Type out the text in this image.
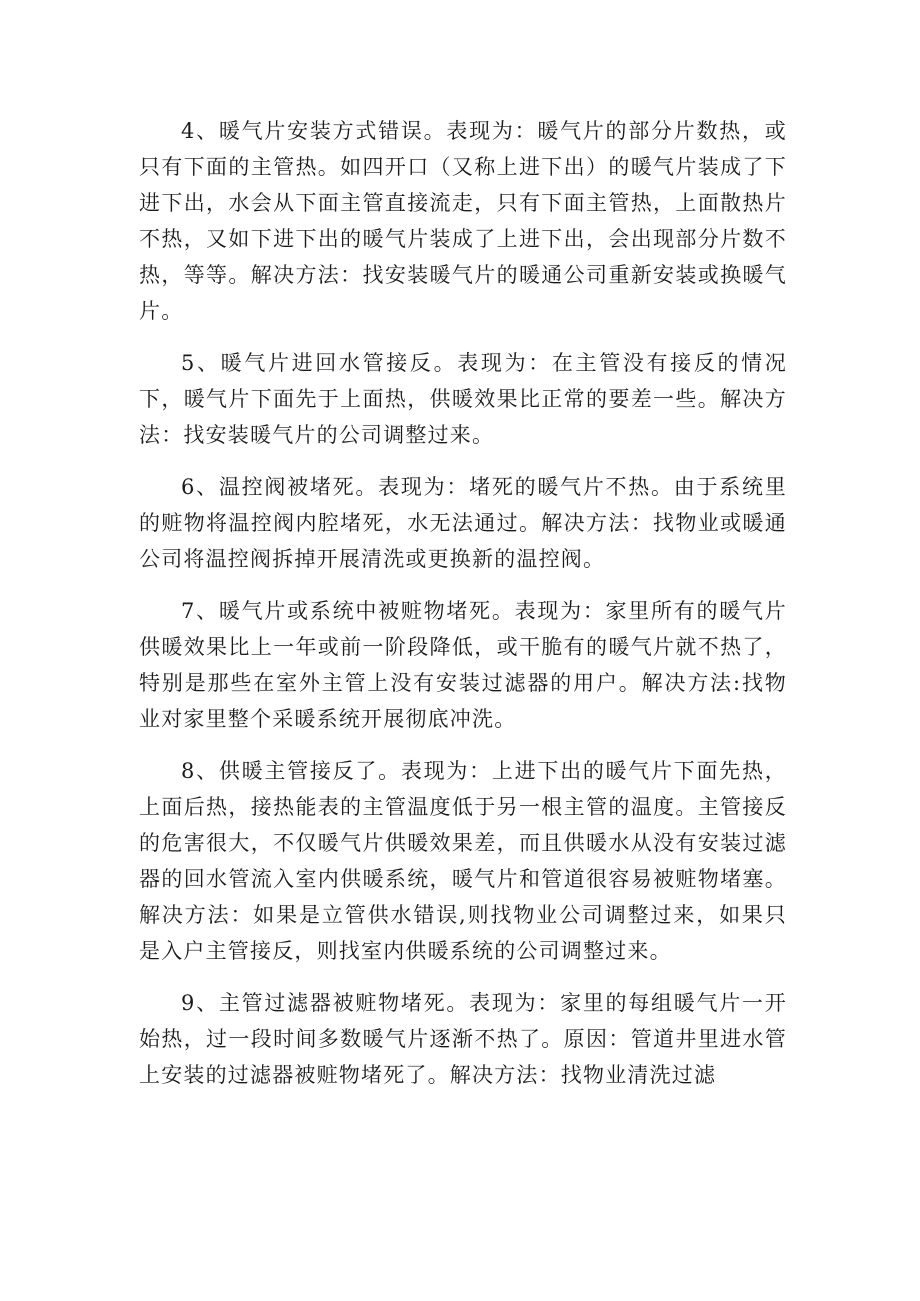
4、暖气片安装方式错误。表现为：暖气片的部分片数热，或只有下面的主管热。如四开口（又称上进下出）的暖气片装成了下进下出，水会从下面主管直接流走，只有下面主管热，上面散热片不热，又如下进下出的暖气片装成了上进下出，会出现部分片数不热，等等。解决方法：找安装暖气片的暖通公司重新安装或换暖气片。

5、暖气片进回水管接反。表现为：在主管没有接反的情况下，暖气片下面先于上面热，供暖效果比正常的要差一些。解决方法：找安装暖气片的公司调整过来。

6、温控阀被堵死。表现为：堵死的暖气片不热。由于系统里的赃物将温控阀内腔堵死，水无法通过。解决方法：找物业或暖通公司将温控阀拆掉开展清洗或更换新的温控阀。

7、暖气片或系统中被赃物堵死。表现为：家里所有的暖气片供暖效果比上一年或前一阶段降低，或干脆有的暖气片就不热了，特别是那些在室外主管上没有安装过滤器的用户。解决方法:找物业对家里整个采暖系统开展彻底冲洗。

8、供暖主管接反了。表现为：上进下出的暖气片下面先热，上面后热，接热能表的主管温度低于另一根主管的温度。主管接反的危害很大，不仅暖气片供暖效果差，而且供暖水从没有安装过滤器的回水管流入室内供暖系统，暖气片和管道很容易被赃物堵塞。解决方法：如果是立管供水错误,则找物业公司调整过来，如果只是入户主管接反，则找室内供暖系统的公司调整过来。

9、主管过滤器被赃物堵死。表现为：家里的每组暖气片一开始热，过一段时间多数暖气片逐渐不热了。原因：管道井里进水管上安装的过滤器被赃物堵死了。解决方法：找物业清洗过滤
